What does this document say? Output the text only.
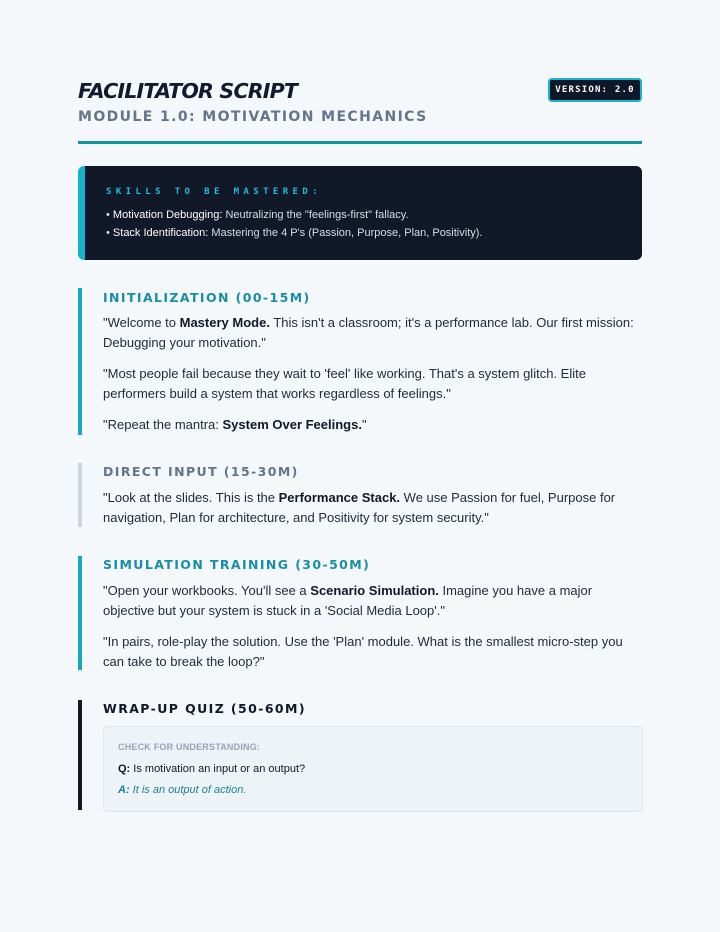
FACILITATOR SCRIPT
MODULE 1.0: MOTIVATION MECHANICS
VERSION: 2.0
SKILLS TO BE MASTERED:
• Motivation Debugging: Neutralizing the "feelings-first" fallacy.
• Stack Identification: Mastering the 4 P's (Passion, Purpose, Plan, Positivity).
INITIALIZATION (00-15M)

"Welcome to Mastery Mode. This isn't a classroom; it's a performance lab. Our first mission: Debugging your motivation."

"Most people fail because they wait to 'feel' like working. That's a system glitch. Elite performers build a system that works regardless of feelings."

"Repeat the mantra: System Over Feelings."

DIRECT INPUT (15-30M)

"Look at the slides. This is the Performance Stack. We use Passion for fuel, Purpose for navigation, Plan for architecture, and Positivity for system security."

SIMULATION TRAINING (30-50M)

"Open your workbooks. You'll see a Scenario Simulation. Imagine you have a major objective but your system is stuck in a 'Social Media Loop'."

"In pairs, role-play the solution. Use the 'Plan' module. What is the smallest micro-step you can take to break the loop?"

WRAP-UP QUIZ (50-60M)
CHECK FOR UNDERSTANDING:
Q: Is motivation an input or an output?
A: It is an output of action.
